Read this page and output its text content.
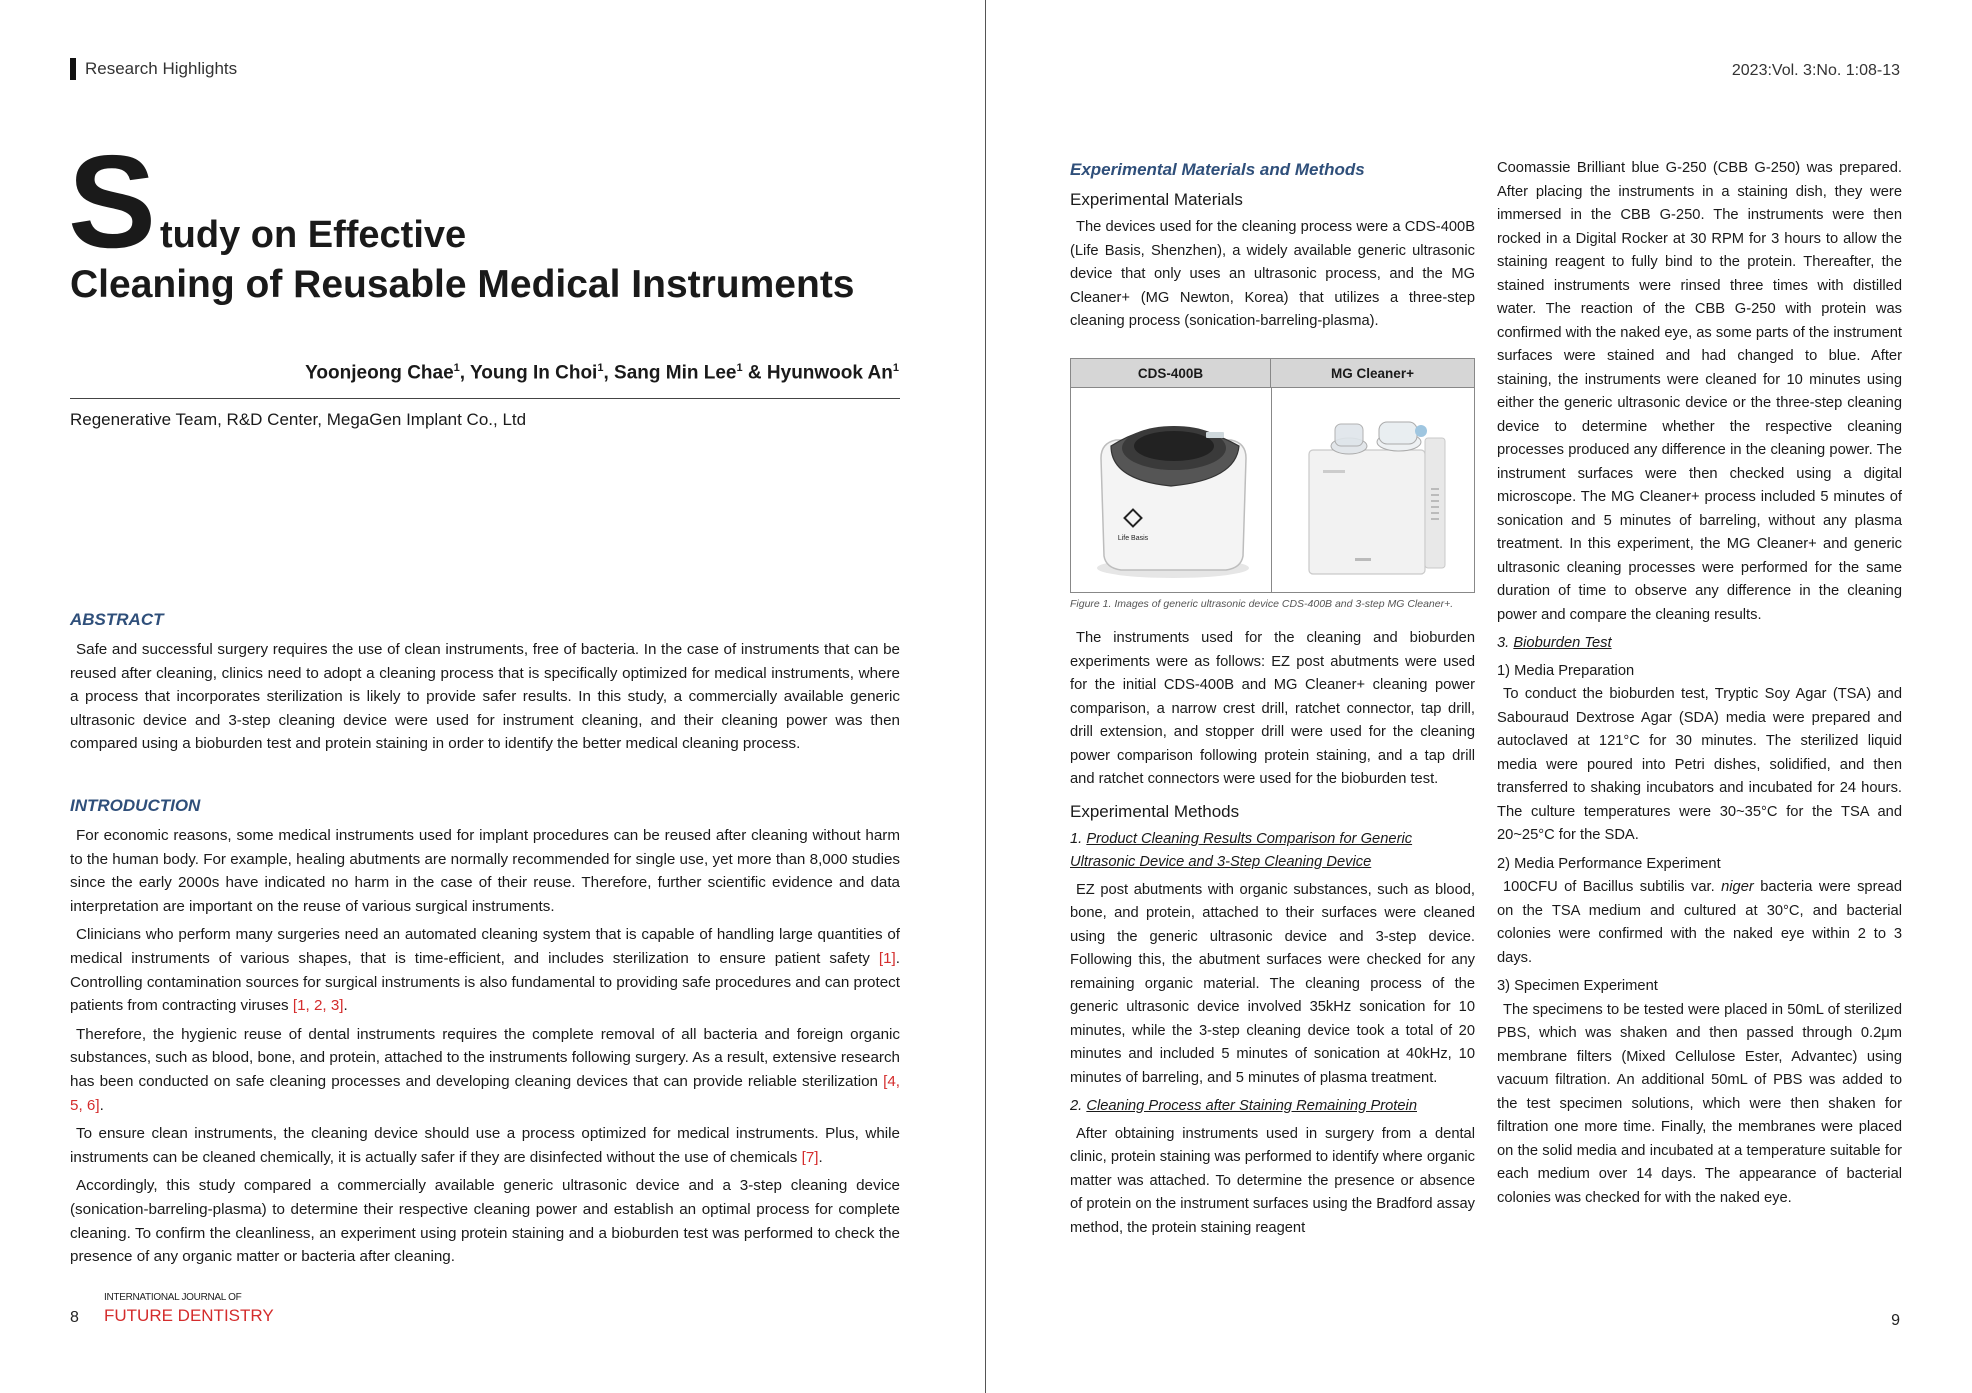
Research Highlights
S tudy on Effective
Cleaning of Reusable Medical Instruments
Yoonjeong Chae$^1$, Young In Choi$^1$, Sang Min Lee$^1$ & Hyunwook An$^1$
Regenerative Team, R&D Center, MegaGen Implant Co., Ltd
ABSTRACT

Safe and successful surgery requires the use of clean instruments, free of bacteria. In the case of instruments that can be reused after cleaning, clinics need to adopt a cleaning process that is specifically optimized for medical instruments, where a process that incorporates sterilization is likely to provide safer results. In this study, a commercially available generic ultrasonic device and 3-step cleaning device were used for instrument cleaning, and their cleaning power was then compared using a bioburden test and protein staining in order to identify the better medical cleaning process.

INTRODUCTION

For economic reasons, some medical instruments used for implant procedures can be reused after cleaning without harm to the human body. For example, healing abutments are normally recommended for single use, yet more than 8,000 studies since the early 2000s have indicated no harm in the case of their reuse. Therefore, further scientific evidence and data interpretation are important on the reuse of various surgical instruments.

Clinicians who perform many surgeries need an automated cleaning system that is capable of handling large quantities of medical instruments of various shapes, that is time-efficient, and includes sterilization to ensure patient safety [1]. Controlling contamination sources for surgical instruments is also fundamental to providing safe procedures and can protect patients from contracting viruses [1, 2, 3].

Therefore, the hygienic reuse of dental instruments requires the complete removal of all bacteria and foreign organic substances, such as blood, bone, and protein, attached to the instruments following surgery. As a result, extensive research has been conducted on safe cleaning processes and developing cleaning devices that can provide reliable sterilization [4, 5, 6].

To ensure clean instruments, the cleaning device should use a process optimized for medical instruments. Plus, while instruments can be cleaned chemically, it is actually safer if they are disinfected without the use of chemicals [7].

Accordingly, this study compared a commercially available generic ultrasonic device and a 3-step cleaning device (sonication-barreling-plasma) to determine their respective cleaning power and establish an optimal process for complete cleaning. To confirm the cleanliness, an experiment using protein staining and a bioburden test was performed to check the presence of any organic matter or bacteria after cleaning.

8
INTERNATIONAL JOURNAL OF
FUTURE DENTISTRY
2023:Vol. 3:No. 1:08-13
Experimental Materials and Methods
Experimental Materials

The devices used for the cleaning process were a CDS-400B (Life Basis, Shenzhen), a widely available generic ultrasonic device that only uses an ultrasonic process, and the MG Cleaner+ (MG Newton, Korea) that utilizes a three-step cleaning process (sonication-barreling-plasma).

CDS-400B	MG Cleaner+
Life Basis
Figure 1. Images of generic ultrasonic device CDS-400B and 3-step MG Cleaner+.

The instruments used for the cleaning and bioburden experiments were as follows: EZ post abutments were used for the initial CDS-400B and MG Cleaner+ cleaning power comparison, a narrow crest drill, ratchet connector, tap drill, drill extension, and stopper drill were used for the cleaning power comparison following protein staining, and a tap drill and ratchet connectors were used for the bioburden test.

Experimental Methods

1. Product Cleaning Results Comparison for Generic Ultrasonic Device and 3-Step Cleaning Device

EZ post abutments with organic substances, such as blood, bone, and protein, attached to their surfaces were cleaned using the generic ultrasonic device and 3-step device. Following this, the abutment surfaces were checked for any remaining organic material. The cleaning process of the generic ultrasonic device involved 35kHz sonication for 10 minutes, while the 3-step cleaning device took a total of 20 minutes and included 5 minutes of sonication at 40kHz, 10 minutes of barreling, and 5 minutes of plasma treatment.

2. Cleaning Process after Staining Remaining Protein

After obtaining instruments used in surgery from a dental clinic, protein staining was performed to identify where organic matter was attached. To determine the presence or absence of protein on the instrument surfaces using the Bradford assay method, the protein staining reagent

Coomassie Brilliant blue G-250 (CBB G-250) was prepared. After placing the instruments in a staining dish, they were immersed in the CBB G-250. The instruments were then rocked in a Digital Rocker at 30 RPM for 3 hours to allow the staining reagent to fully bind to the protein. Thereafter, the stained instruments were rinsed three times with distilled water. The reaction of the CBB G-250 with protein was confirmed with the naked eye, as some parts of the instrument surfaces were stained and had changed to blue. After staining, the instruments were cleaned for 10 minutes using either the generic ultrasonic device or the three-step cleaning device to determine whether the respective cleaning processes produced any difference in the cleaning power. The instrument surfaces were then checked using a digital microscope. The MG Cleaner+ process included 5 minutes of sonication and 5 minutes of barreling, without any plasma treatment. In this experiment, the MG Cleaner+ and generic ultrasonic cleaning processes were performed for the same duration of time to observe any difference in the cleaning power and compare the cleaning results.

3. Bioburden Test

1) Media Preparation

To conduct the bioburden test, Tryptic Soy Agar (TSA) and Sabouraud Dextrose Agar (SDA) media were prepared and autoclaved at 121°C for 30 minutes. The sterilized liquid media were poured into Petri dishes, solidified, and then transferred to shaking incubators and incubated for 24 hours. The culture temperatures were 30~35°C for the TSA and 20~25°C for the SDA.

2) Media Performance Experiment

100CFU of Bacillus subtilis var. niger bacteria were spread on the TSA medium and cultured at 30°C, and bacterial colonies were confirmed with the naked eye within 2 to 3 days.

3) Specimen Experiment

The specimens to be tested were placed in 50mL of sterilized PBS, which was shaken and then passed through 0.2μm membrane filters (Mixed Cellulose Ester, Advantec) using vacuum filtration. An additional 50mL of PBS was added to the test specimen solutions, which were then shaken for filtration one more time. Finally, the membranes were placed on the solid media and incubated at a temperature suitable for each medium over 14 days. The appearance of bacterial colonies was checked for with the naked eye.

9
